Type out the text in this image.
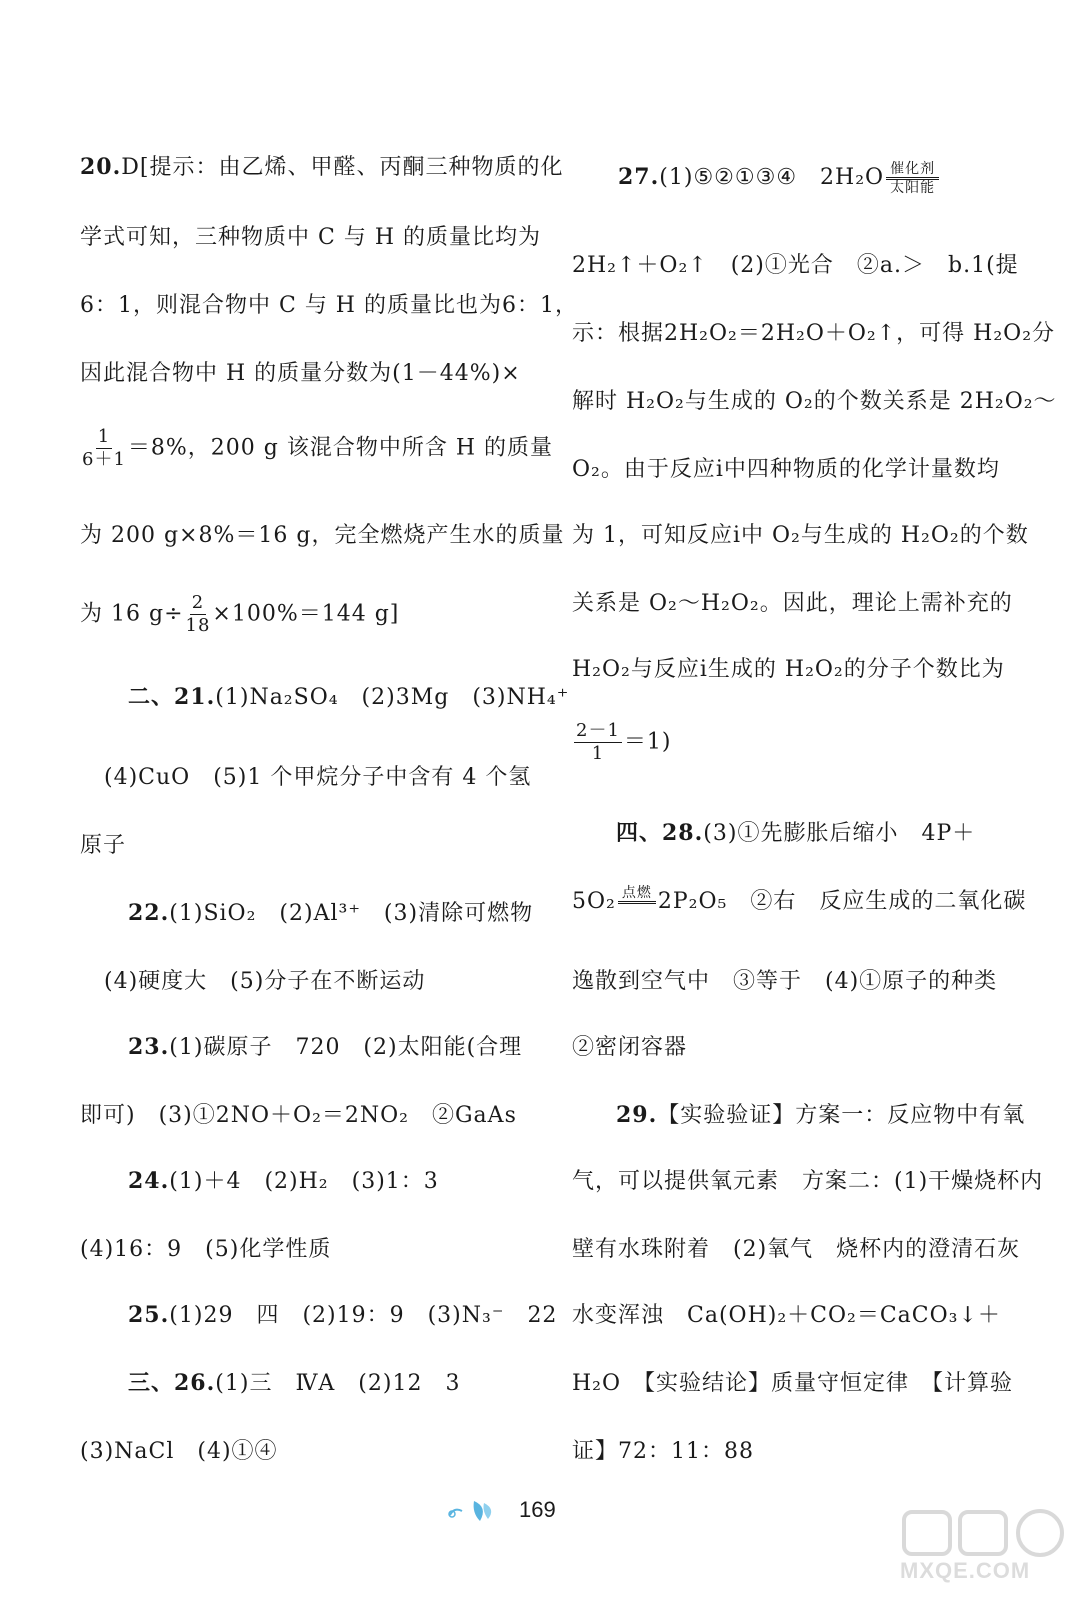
20.D[提示：由乙烯、甲醛、丙酮三种物质的化
学式可知，三种物质中 C 与 H 的质量比均为
6：1，则混合物中 C 与 H 的质量比也为6：1，
因此混合物中 H 的质量分数为(1－44%)×
$\frac{1}{6+1} =8\%$，200 g 该混合物中所含 H 的质量
为 200 g×8%＝16 g，完全燃烧产生水的质量
为 16 $g\div \frac{2}{18} \times 100\%=144$ g]
二、21.(1)Na₂SO₄　(2)3Mg　(3)NH₄⁺
(4)CuO　(5)1 个甲烷分子中含有 4 个氢
原子
22.(1)SiO₂　(2)Al³⁺　(3)清除可燃物
(4)硬度大　(5)分子在不断运动
23.(1)碳原子　720　(2)太阳能(合理
即可)　(3)①2NO＋O₂＝2NO₂　②GaAs
24.(1)＋4　(2)H₂　(3)1：3
(4)16：9　(5)化学性质
25.(1)29　四　(2)19：9　(3)N₃⁻　22
三、26.(1)三　ⅣA　(2)12　3
(3)NaCl　(4)①④
27.(1)⑤②①③④　2H₂O 催化剂
太阳能
2H₂↑＋O₂↑　(2)①光合　②a.＞　b.1(提
示：根据2H₂O₂＝2H₂O＋O₂↑，可得 H₂O₂分
解时 H₂O₂与生成的 O₂的个数关系是 2H₂O₂～
O₂。由于反应ⅰ中四种物质的化学计量数均
为 1，可知反应ⅰ中 O₂与生成的 H₂O₂的个数
关系是 O₂～H₂O₂。因此，理论上需补充的
H₂O₂与反应ⅰ生成的 H₂O₂的分子个数比为
$\frac{2-1}{1} =1$)
四、28.(3)①先膨胀后缩小　4P＋
5O₂ 点燃 2P₂O₅　②右　反应生成的二氧化碳
逸散到空气中　③等于　(4)①原子的种类
②密闭容器
29.【实验验证】方案一：反应物中有氧
气，可以提供氧元素　方案二：(1)干燥烧杯内
壁有水珠附着　(2)氧气　烧杯内的澄清石灰
水变浑浊　Ca(OH)₂＋CO₂＝CaCO₃↓＋
H₂O　【实验结论】质量守恒定律　【计算验
证】72：11：88
169
MXQE.COM
